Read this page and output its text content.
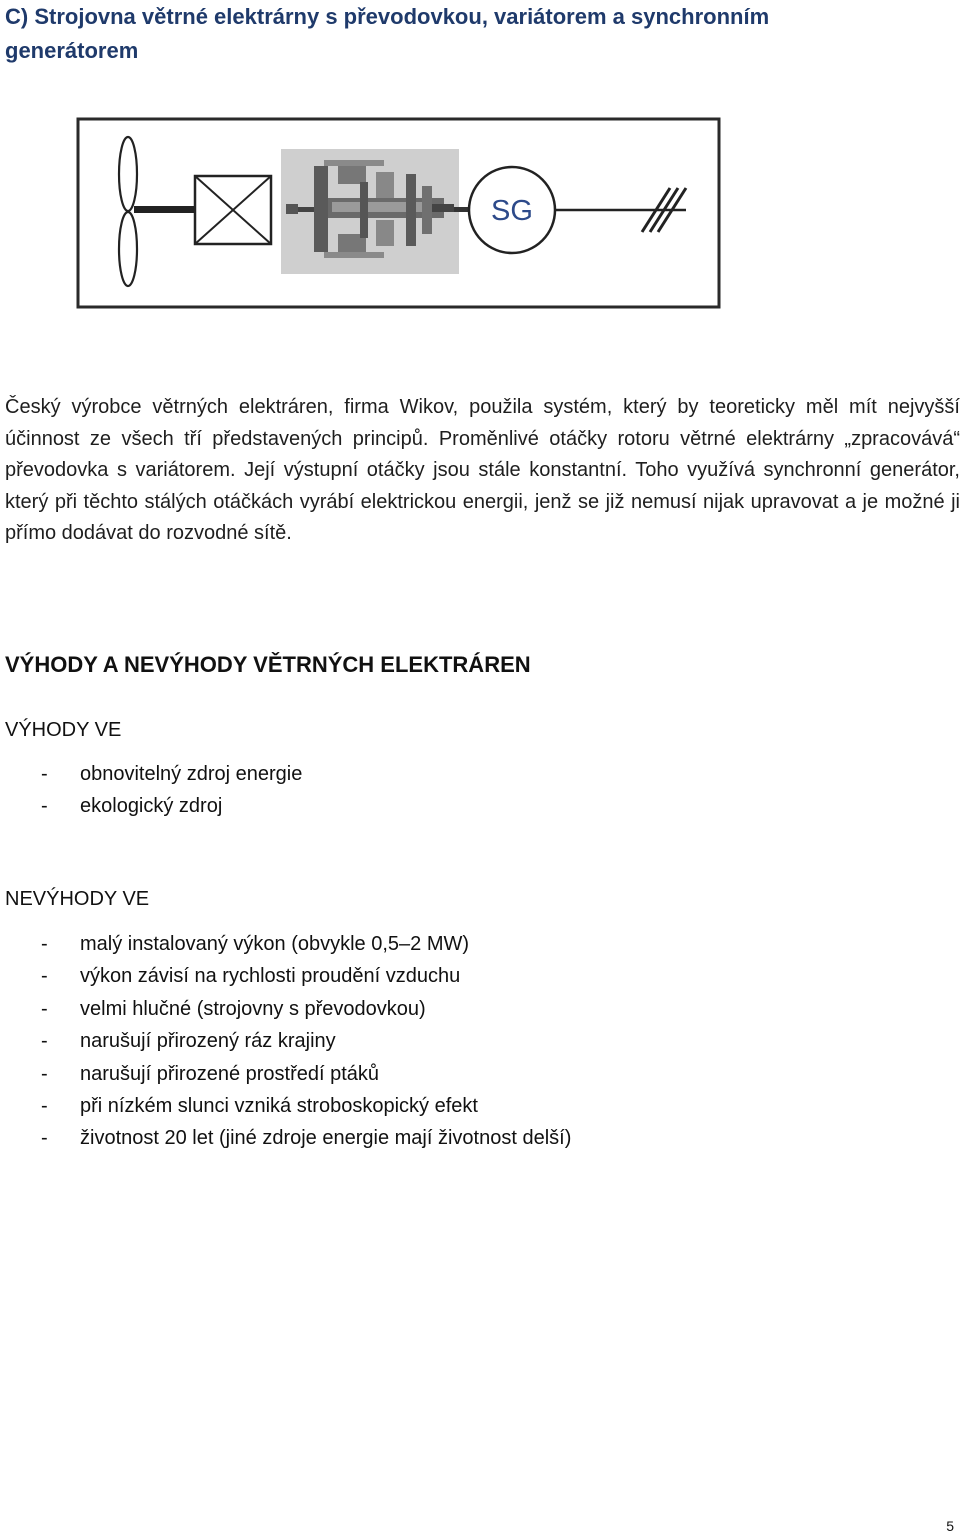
C) Strojovna větrné elektrárny s převodovkou, variátorem a synchronním generátorem
SG
Český výrobce větrných elektráren, firma Wikov, použila systém, který by teoreticky měl mít nejvyšší účinnost ze všech tří představených principů. Proměnlivé otáčky rotoru větrné elektrárny „zpracovává“ převodovka s variátorem. Její výstupní otáčky jsou stále konstantní. Toho využívá synchronní generátor, který při těchto stálých otáčkách vyrábí elektrickou energii, jenž se již nemusí nijak upravovat a je možné ji přímo dodávat do rozvodné sítě.
VÝHODY A NEVÝHODY VĚTRNÝCH ELEKTRÁREN
VÝHODY VE
- obnovitelný zdroj energie
- ekologický zdroj
NEVÝHODY VE
- malý instalovaný výkon (obvykle 0,5–2 MW)
- výkon závisí na rychlosti proudění vzduchu
- velmi hlučné (strojovny s převodovkou)
- narušují přirozený ráz krajiny
- narušují přirozené prostředí ptáků
- při nízkém slunci vzniká stroboskopický efekt
- životnost 20 let (jiné zdroje energie mají životnost delší)
5
